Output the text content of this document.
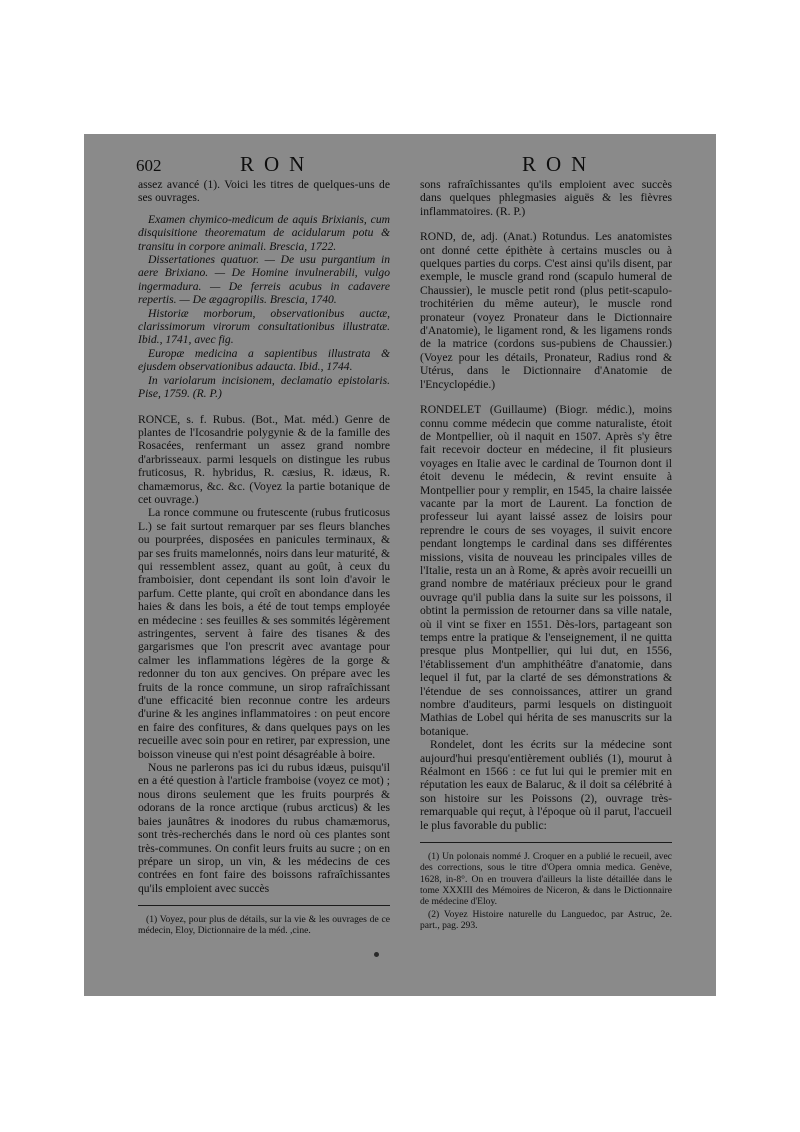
602	RON	RON

assez avancé (1). Voici les titres de quelques-uns de ses ouvrages.

Examen chymico-medicum de aquis Brixianis, cum disquisitione theorematum de acidularum potu & transitu in corpore animali. Brescia, 1722.

Dissertationes quatuor. — De usu purgantium in aere Brixiano. — De Homine invulnerabili, vulgo ingermadura. — De ferreis acubus in cadavere repertis. — De ægagropilis. Brescia, 1740.

Historiæ morborum, observationibus auctæ, clarissimorum virorum consultationibus illustratæ. Ibid., 1741, avec fig.

Europæ medicina a sapientibus illustrata & ejusdem observationibus adaucta. Ibid., 1744.

In variolarum incisionem, declamatio epistolaris. Pise, 1759. (R. P.)

RONCE, s. f. Rubus. (Bot., Mat. méd.) Genre de plantes de l'Icosandrie polygynie & de la famille des Rosacées, renfermant un assez grand nombre d'arbrisseaux. parmi lesquels on distingue les rubus fruticosus, R. hybridus, R. cæsius, R. idæus, R. chamæmorus, &c. &c. (Voyez la partie botanique de cet ouvrage.)

La ronce commune ou frutescente (rubus fruticosus L.) se fait surtout remarquer par ses fleurs blanches ou pourprées, disposées en panicules terminaux, & par ses fruits mamelonnés, noirs dans leur maturité, & qui ressemblent assez, quant au goût, à ceux du framboisier, dont cependant ils sont loin d'avoir le parfum. Cette plante, qui croît en abondance dans les haies & dans les bois, a été de tout temps employée en médecine : ses feuilles & ses sommités légèrement astringentes, servent à faire des tisanes & des gargarismes que l'on prescrit avec avantage pour calmer les inflammations légères de la gorge & redonner du ton aux gencives. On prépare avec les fruits de la ronce commune, un sirop rafraîchissant d'une efficacité bien reconnue contre les ardeurs d'urine & les angines inflammatoires : on peut encore en faire des confitures, & dans quelques pays on les recueille avec soin pour en retirer, par expression, une boisson vineuse qui n'est point désagréable à boire.

Nous ne parlerons pas ici du rubus idæus, puisqu'il en a été question à l'article framboise (voyez ce mot) ; nous dirons seulement que les fruits pourprés & odorans de la ronce arctique (rubus arcticus) & les baies jaunâtres & inodores du rubus chamæmorus, sont très-recherchés dans le nord où ces plantes sont très-communes. On confit leurs fruits au sucre ; on en prépare un sirop, un vin, & les médecins de ces contrées en font faire des boissons rafraîchissantes qu'ils emploient avec succès

(1) Voyez, pour plus de détails, sur la vie & les ouvrages de ce médecin, Eloy, Dictionnaire de la méd. ,cine.

sons rafraîchissantes qu'ils emploient avec succès dans quelques phlegmasies aiguës & les fièvres inflammatoires. (R. P.)

ROND, de, adj. (Anat.) Rotundus. Les anatomistes ont donné cette épithète à certains muscles ou à quelques parties du corps. C'est ainsi qu'ils disent, par exemple, le muscle grand rond (scapulo humeral de Chaussier), le muscle petit rond (plus petit-scapulo-trochitérien du même auteur), le muscle rond pronateur (voyez Pronateur dans le Dictionnaire d'Anatomie), le ligament rond, & les ligamens ronds de la matrice (cordons sus-pubiens de Chaussier.) (Voyez pour les détails, Pronateur, Radius rond & Utérus, dans le Dictionnaire d'Anatomie de l'Encyclopédie.)

RONDELET (Guillaume) (Biogr. médic.), moins connu comme médecin que comme naturaliste, étoit de Montpellier, où il naquit en 1507. Après s'y être fait recevoir docteur en médecine, il fit plusieurs voyages en Italie avec le cardinal de Tournon dont il étoit devenu le médecin, & revint ensuite à Montpellier pour y remplir, en 1545, la chaire laissée vacante par la mort de Laurent. La fonction de professeur lui ayant laissé assez de loisirs pour reprendre le cours de ses voyages, il suivit encore pendant longtemps le cardinal dans ses différentes missions, visita de nouveau les principales villes de l'Italie, resta un an à Rome, & après avoir recueilli un grand nombre de matériaux précieux pour le grand ouvrage qu'il publia dans la suite sur les poissons, il obtint la permission de retourner dans sa ville natale, où il vint se fixer en 1551. Dès-lors, partageant son temps entre la pratique & l'enseignement, il ne quitta presque plus Montpellier, qui lui dut, en 1556, l'établissement d'un amphithéâtre d'anatomie, dans lequel il fut, par la clarté de ses démonstrations & l'étendue de ses connoissances, attirer un grand nombre d'auditeurs, parmi lesquels on distinguoit Mathias de Lobel qui hérita de ses manuscrits sur la botanique.

Rondelet, dont les écrits sur la médecine sont aujourd'hui presqu'entièrement oubliés (1), mourut à Réalmont en 1566 : ce fut lui qui le premier mit en réputation les eaux de Balaruc, & il doit sa célébrité à son histoire sur les Poissons (2), ouvrage très-remarquable qui reçut, à l'époque où il parut, l'accueil le plus favorable du public:

(1) Un polonais nommé J. Croquer en a publié le recueil, avec des corrections, sous le titre d'Opera omnia medica. Genève, 1628, in-8°. On en trouvera d'ailleurs la liste détaillée dans le tome XXXIII des Mémoires de Niceron, & dans le Dictionnaire de médecine d'Eloy.

(2) Voyez Histoire naturelle du Languedoc, par Astruc, 2e. part., pag. 293.
